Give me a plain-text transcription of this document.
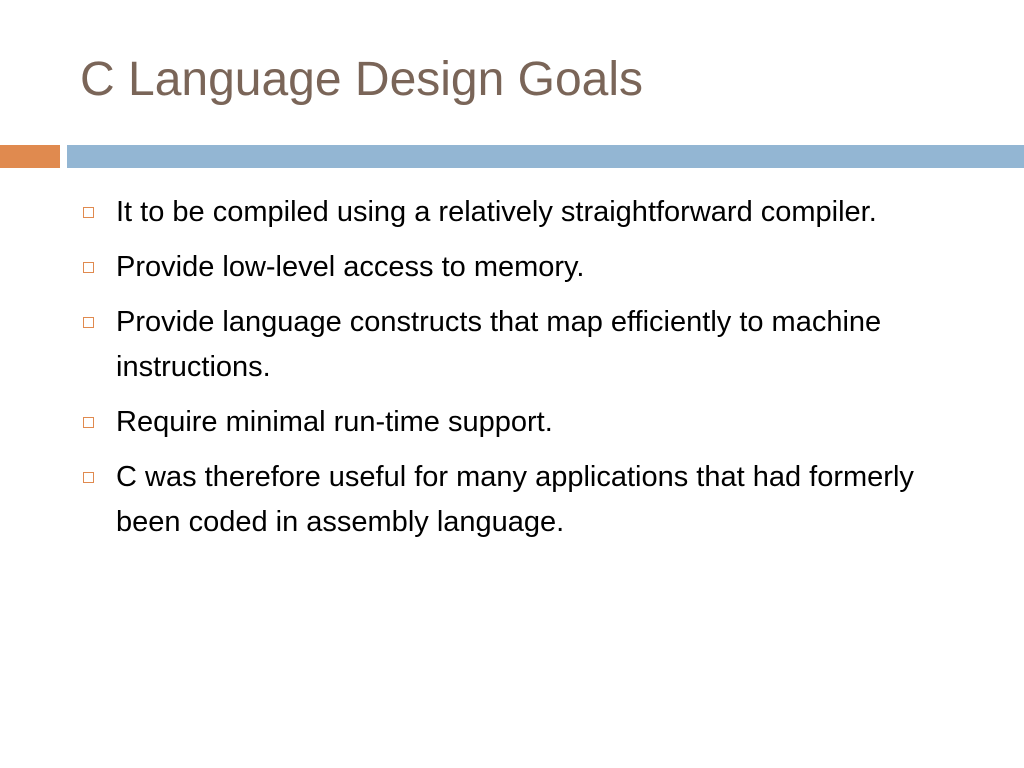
C Language Design Goals
It to be compiled using a relatively straightforward compiler.
Provide low-level access to memory.
Provide language constructs that map efficiently to machine instructions.
Require minimal run-time support.
C was therefore useful for many applications that had formerly been coded in assembly language.
